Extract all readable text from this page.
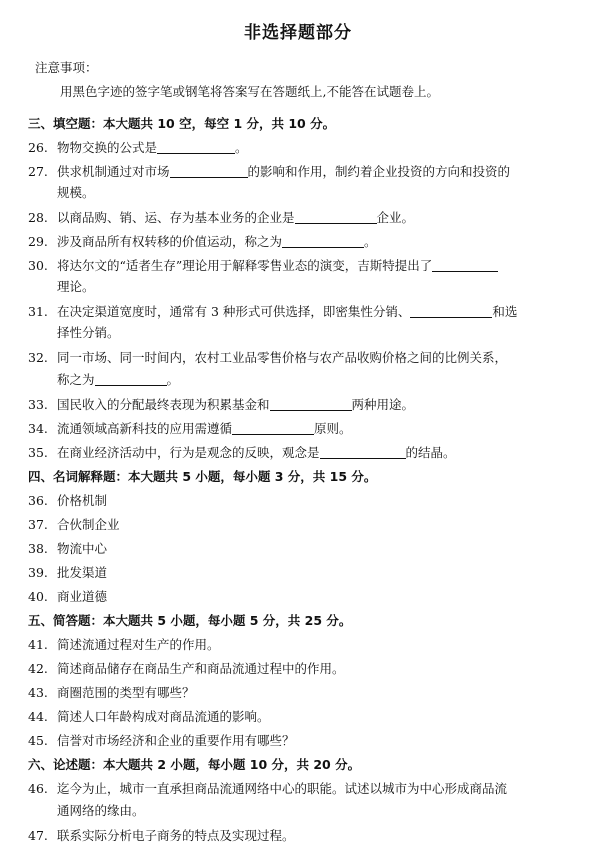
非选择题部分
注意事项：
用黑色字迹的签字笔或钢笔将答案写在答题纸上,不能答在试题卷上。
三、填空题：本大题共 10 空，每空 1 分，共 10 分。
26. 物物交换的公式是	。
27. 供求机制通过对市场	的影响和作用，制约着企业投资的方向和投资的
规模。
28. 以商品购、销、运、存为基本业务的企业是	企业。
29. 涉及商品所有权转移的价值运动，称之为	。
30. 将达尔文的“适者生存”理论用于解释零售业态的演变，吉斯特提出了
理论。
31. 在决定渠道宽度时，通常有 3 种形式可供选择，即密集性分销、	和选
择性分销。
32. 同一市场、同一时间内，农村工业品零售价格与农产品收购价格之间的比例关系，
称之为	。
33. 国民收入的分配最终表现为积累基金和	两种用途。
34. 流通领域高新科技的应用需遵循	原则。
35. 在商业经济活动中，行为是观念的反映，观念是	的结晶。
四、名词解释题：本大题共 5 小题，每小题 3 分，共 15 分。
36. 价格机制
37. 合伙制企业
38. 物流中心
39. 批发渠道
40. 商业道德
五、简答题：本大题共 5 小题，每小题 5 分，共 25 分。
41. 简述流通过程对生产的作用。
42. 简述商品储存在商品生产和商品流通过程中的作用。
43. 商圈范围的类型有哪些？
44. 简述人口年龄构成对商品流通的影响。
45. 信誉对市场经济和企业的重要作用有哪些？
六、论述题：本大题共 2 小题，每小题 10 分，共 20 分。
46. 迄今为止，城市一直承担商品流通网络中心的职能。试述以城市为中心形成商品流
通网络的缘由。
47. 联系实际分析电子商务的特点及实现过程。
